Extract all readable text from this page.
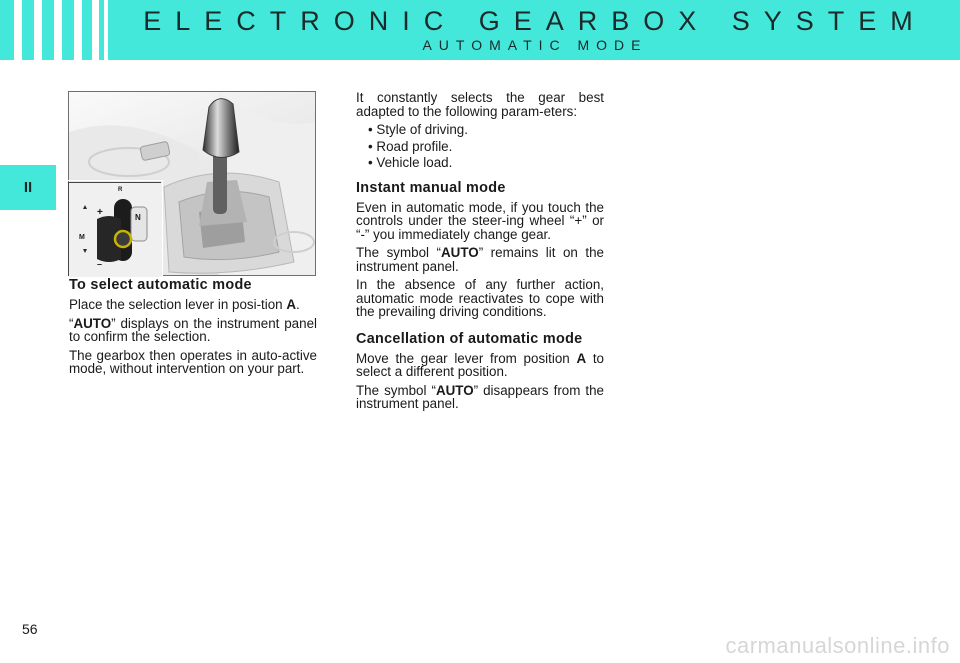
ELECTRONIC GEARBOX SYSTEM
AUTOMATIC MODE
II	R
N
+
M
–
A
To select automatic mode

Place the selection lever in posi-tion A.

“AUTO” displays on the instrument panel to confirm the selection.

The gearbox then operates in auto-active mode, without intervention on your part.

It constantly selects the gear best adapted to the following param-eters:

• Style of driving.
• Road profile.
• Vehicle load.
Instant manual mode

Even in automatic mode, if you touch the controls under the steer-ing wheel “+” or “-” you immediately change gear.

The symbol “AUTO” remains lit on the instrument panel.

In the absence of any further action, automatic mode reactivates to cope with the prevailing driving conditions.

Cancellation of automatic mode

Move the gear lever from position A to select a different position.

The symbol “AUTO” disappears from the instrument panel.

56
carmanualsonline.info
